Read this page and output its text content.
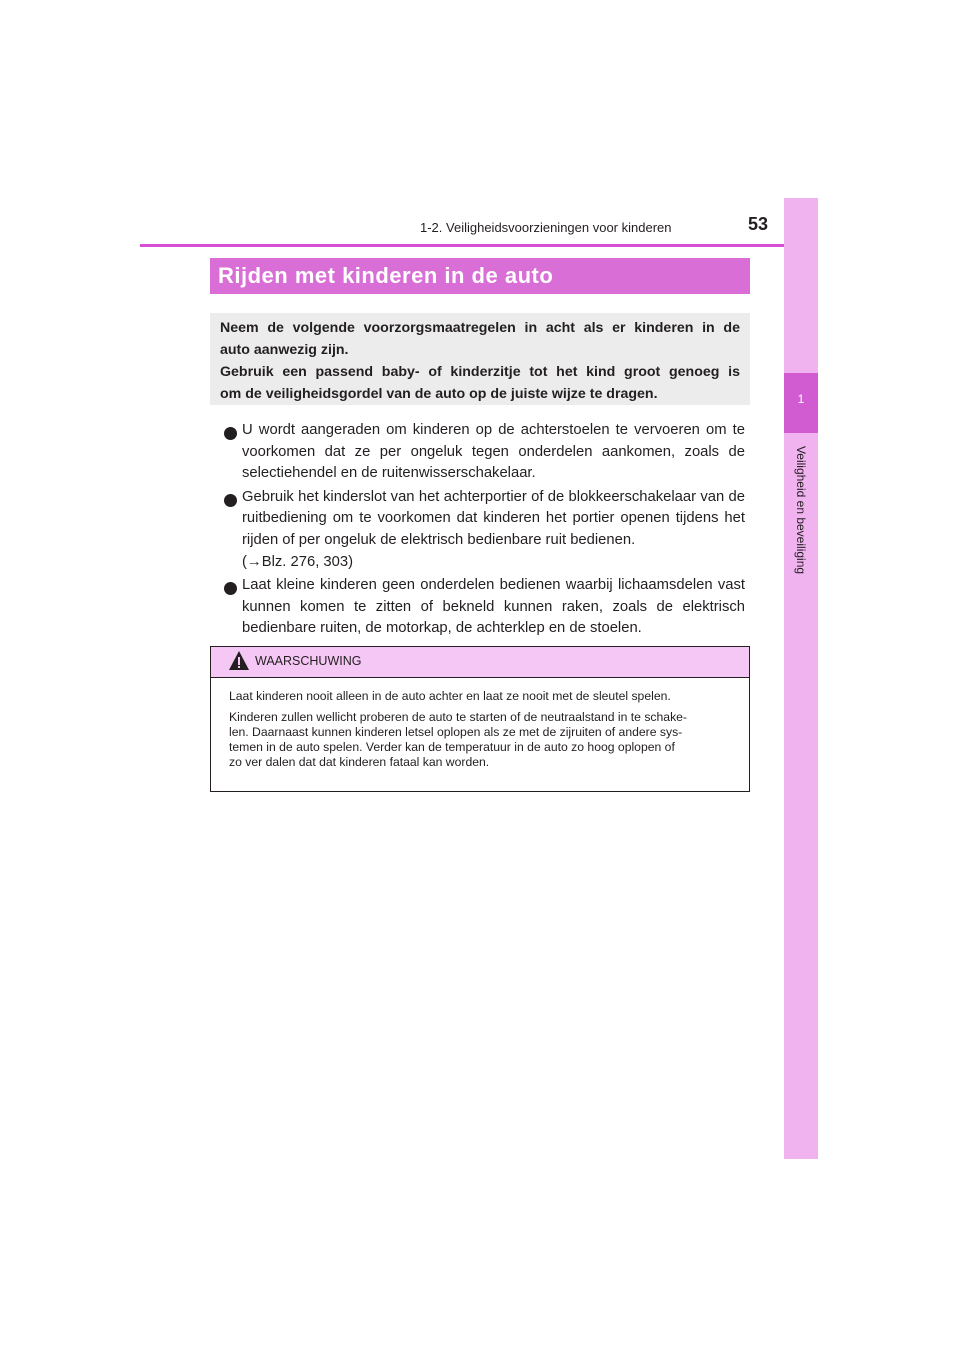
1-2. Veiligheidsvoorzieningen voor kinderen	53
1
Veiligheid en beveiliging
Rijden met kinderen in de auto
Neem de volgende voorzorgsmaatregelen in acht als er kinderen in de
auto aanwezig zijn.
Gebruik een passend baby- of kinderzitje tot het kind groot genoeg is
om de veiligheidsgordel van de auto op de juiste wijze te dragen.
U wordt aangeraden om kinderen op de achterstoelen te vervoeren om te voorkomen dat ze per ongeluk tegen onderdelen aankomen, zoals de selectiehendel en de ruitenwisserschakelaar.
Gebruik het kinderslot van het achterportier of de blokkeerschakelaar van de ruitbediening om te voorkomen dat kinderen het portier openen tijdens het rijden of per ongeluk de elektrisch bedienbare ruit bedienen.
(→Blz. 276, 303)
Laat kleine kinderen geen onderdelen bedienen waarbij lichaamsdelen vast kunnen komen te zitten of bekneld kunnen raken, zoals de elektrisch bedienbare ruiten, de motorkap, de achterklep en de stoelen.
WAARSCHUWING
Laat kinderen nooit alleen in de auto achter en laat ze nooit met de sleutel spelen.
Kinderen zullen wellicht proberen de auto te starten of de neutraalstand in te schake-
len. Daarnaast kunnen kinderen letsel oplopen als ze met de zijruiten of andere sys-
temen in de auto spelen. Verder kan de temperatuur in de auto zo hoog oplopen of
zo ver dalen dat dat kinderen fataal kan worden.
